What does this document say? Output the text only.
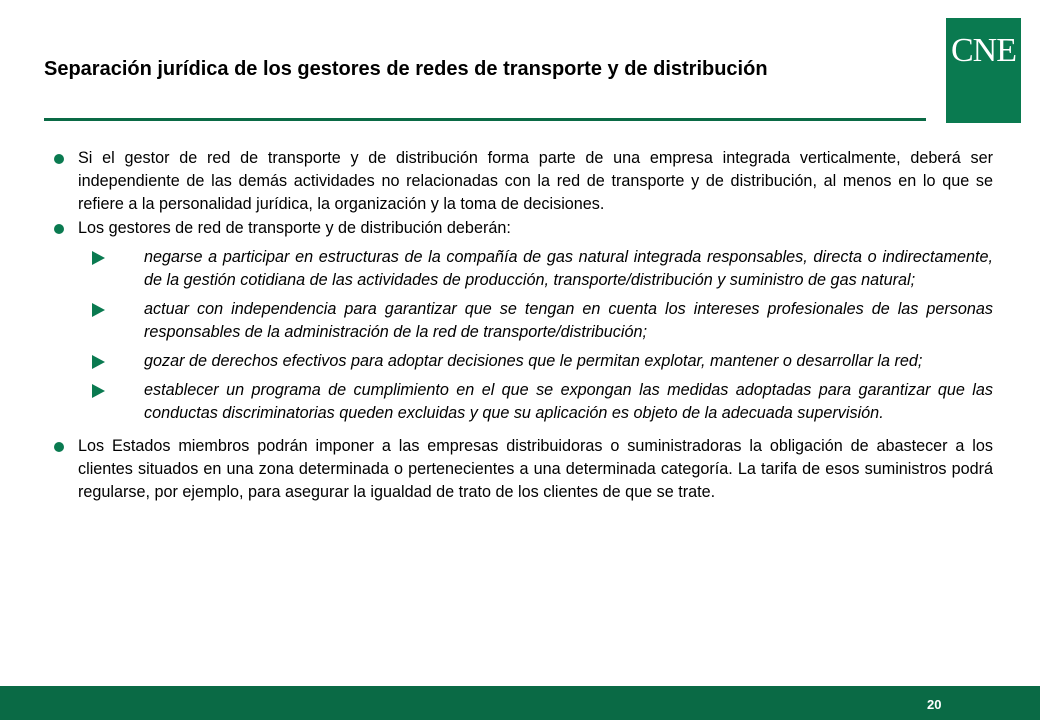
Separación jurídica de los gestores de redes de transporte y de distribución	CNE
Si el gestor de red de transporte y de distribución forma parte de una empresa integrada verticalmente, deberá ser independiente de las demás actividades no relacionadas con la red de transporte y de distribución, al menos en lo que se refiere a la personalidad jurídica, la organización y la toma de decisiones.
Los gestores de red de transporte y de distribución deberán:
negarse a participar en estructuras de la compañía de gas natural integrada responsables, directa o indirectamente, de la gestión cotidiana de las actividades de producción, transporte/distribución y suministro de gas natural;
actuar con independencia para garantizar que se tengan en cuenta los intereses profesionales de las personas responsables de la administración de la red de transporte/distribución;
gozar de derechos efectivos para adoptar decisiones que le permitan explotar, mantener o desarrollar la red;
establecer un programa de cumplimiento en el que se expongan las medidas adoptadas para garantizar que las conductas discriminatorias queden excluidas y que su aplicación es objeto de la adecuada supervisión.
Los Estados miembros podrán imponer a las empresas distribuidoras o suministradoras la obligación de abastecer a los clientes situados en una zona determinada o pertenecientes a una determinada categoría. La tarifa de esos suministros podrá regularse, por ejemplo, para asegurar la igualdad de trato de los clientes de que se trate.
20
